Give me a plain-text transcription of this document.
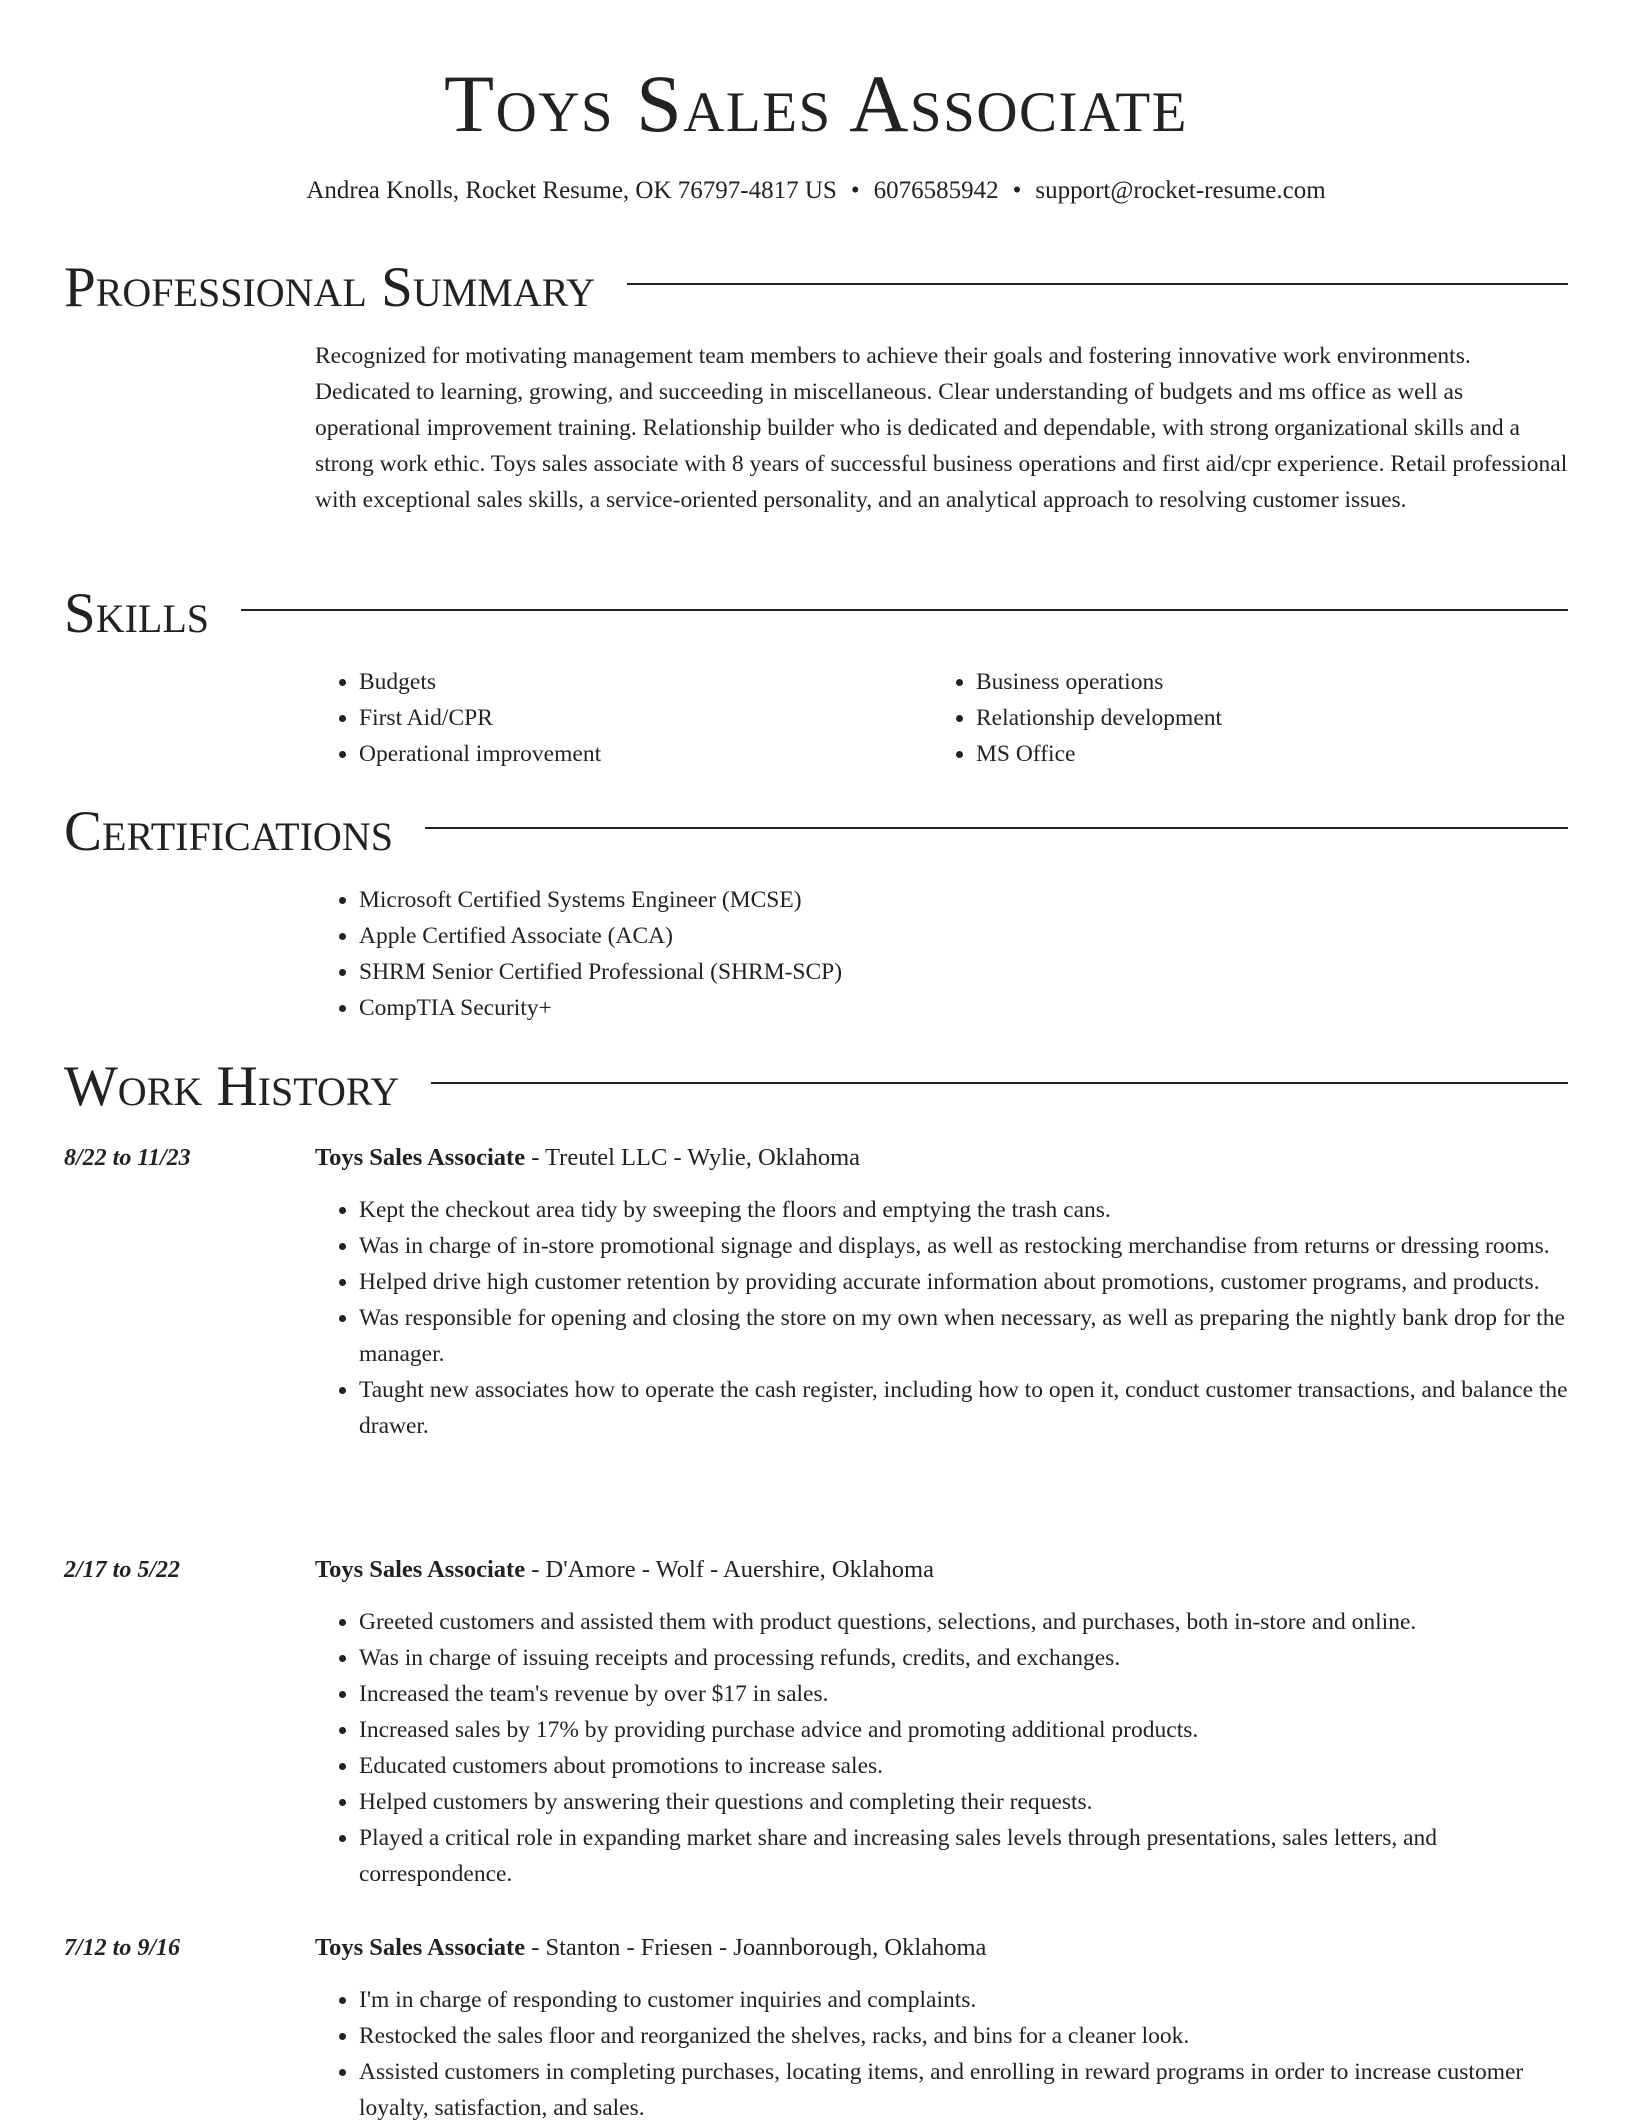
Toys Sales Associate
Andrea Knolls, Rocket Resume, OK 76797-4817 US • 6076585942 • support@rocket-resume.com
Professional Summary

Recognized for motivating management team members to achieve their goals and fostering innovative work environments. Dedicated to learning, growing, and succeeding in miscellaneous. Clear understanding of budgets and ms office as well as operational improvement training. Relationship builder who is dedicated and dependable, with strong organizational skills and a strong work ethic. Toys sales associate with 8 years of successful business operations and first aid/cpr experience. Retail professional with exceptional sales skills, a service-oriented personality, and an analytical approach to resolving customer issues.

Skills
• Budgets
• First Aid/CPR
• Operational improvement
• Business operations
• Relationship development
• MS Office
Certifications
• Microsoft Certified Systems Engineer (MCSE)
• Apple Certified Associate (ACA)
• SHRM Senior Certified Professional (SHRM-SCP)
• CompTIA Security+
Work History
8/22 to 11/23	Toys Sales Associate - Treutel LLC - Wylie, Oklahoma
• Kept the checkout area tidy by sweeping the floors and emptying the trash cans.
• Was in charge of in-store promotional signage and displays, as well as restocking merchandise from returns or dressing rooms.
• Helped drive high customer retention by providing accurate information about promotions, customer programs, and products.
• Was responsible for opening and closing the store on my own when necessary, as well as preparing the nightly bank drop for the manager.
• Taught new associates how to operate the cash register, including how to open it, conduct customer transactions, and balance the drawer.
2/17 to 5/22	Toys Sales Associate - D'Amore - Wolf - Auershire, Oklahoma
• Greeted customers and assisted them with product questions, selections, and purchases, both in-store and online.
• Was in charge of issuing receipts and processing refunds, credits, and exchanges.
• Increased the team's revenue by over $17 in sales.
• Increased sales by 17% by providing purchase advice and promoting additional products.
• Educated customers about promotions to increase sales.
• Helped customers by answering their questions and completing their requests.
• Played a critical role in expanding market share and increasing sales levels through presentations, sales letters, and correspondence.
7/12 to 9/16	Toys Sales Associate - Stanton - Friesen - Joannborough, Oklahoma
• I'm in charge of responding to customer inquiries and complaints.
• Restocked the sales floor and reorganized the shelves, racks, and bins for a cleaner look.
• Assisted customers in completing purchases, locating items, and enrolling in reward programs in order to increase customer loyalty, satisfaction, and sales.
